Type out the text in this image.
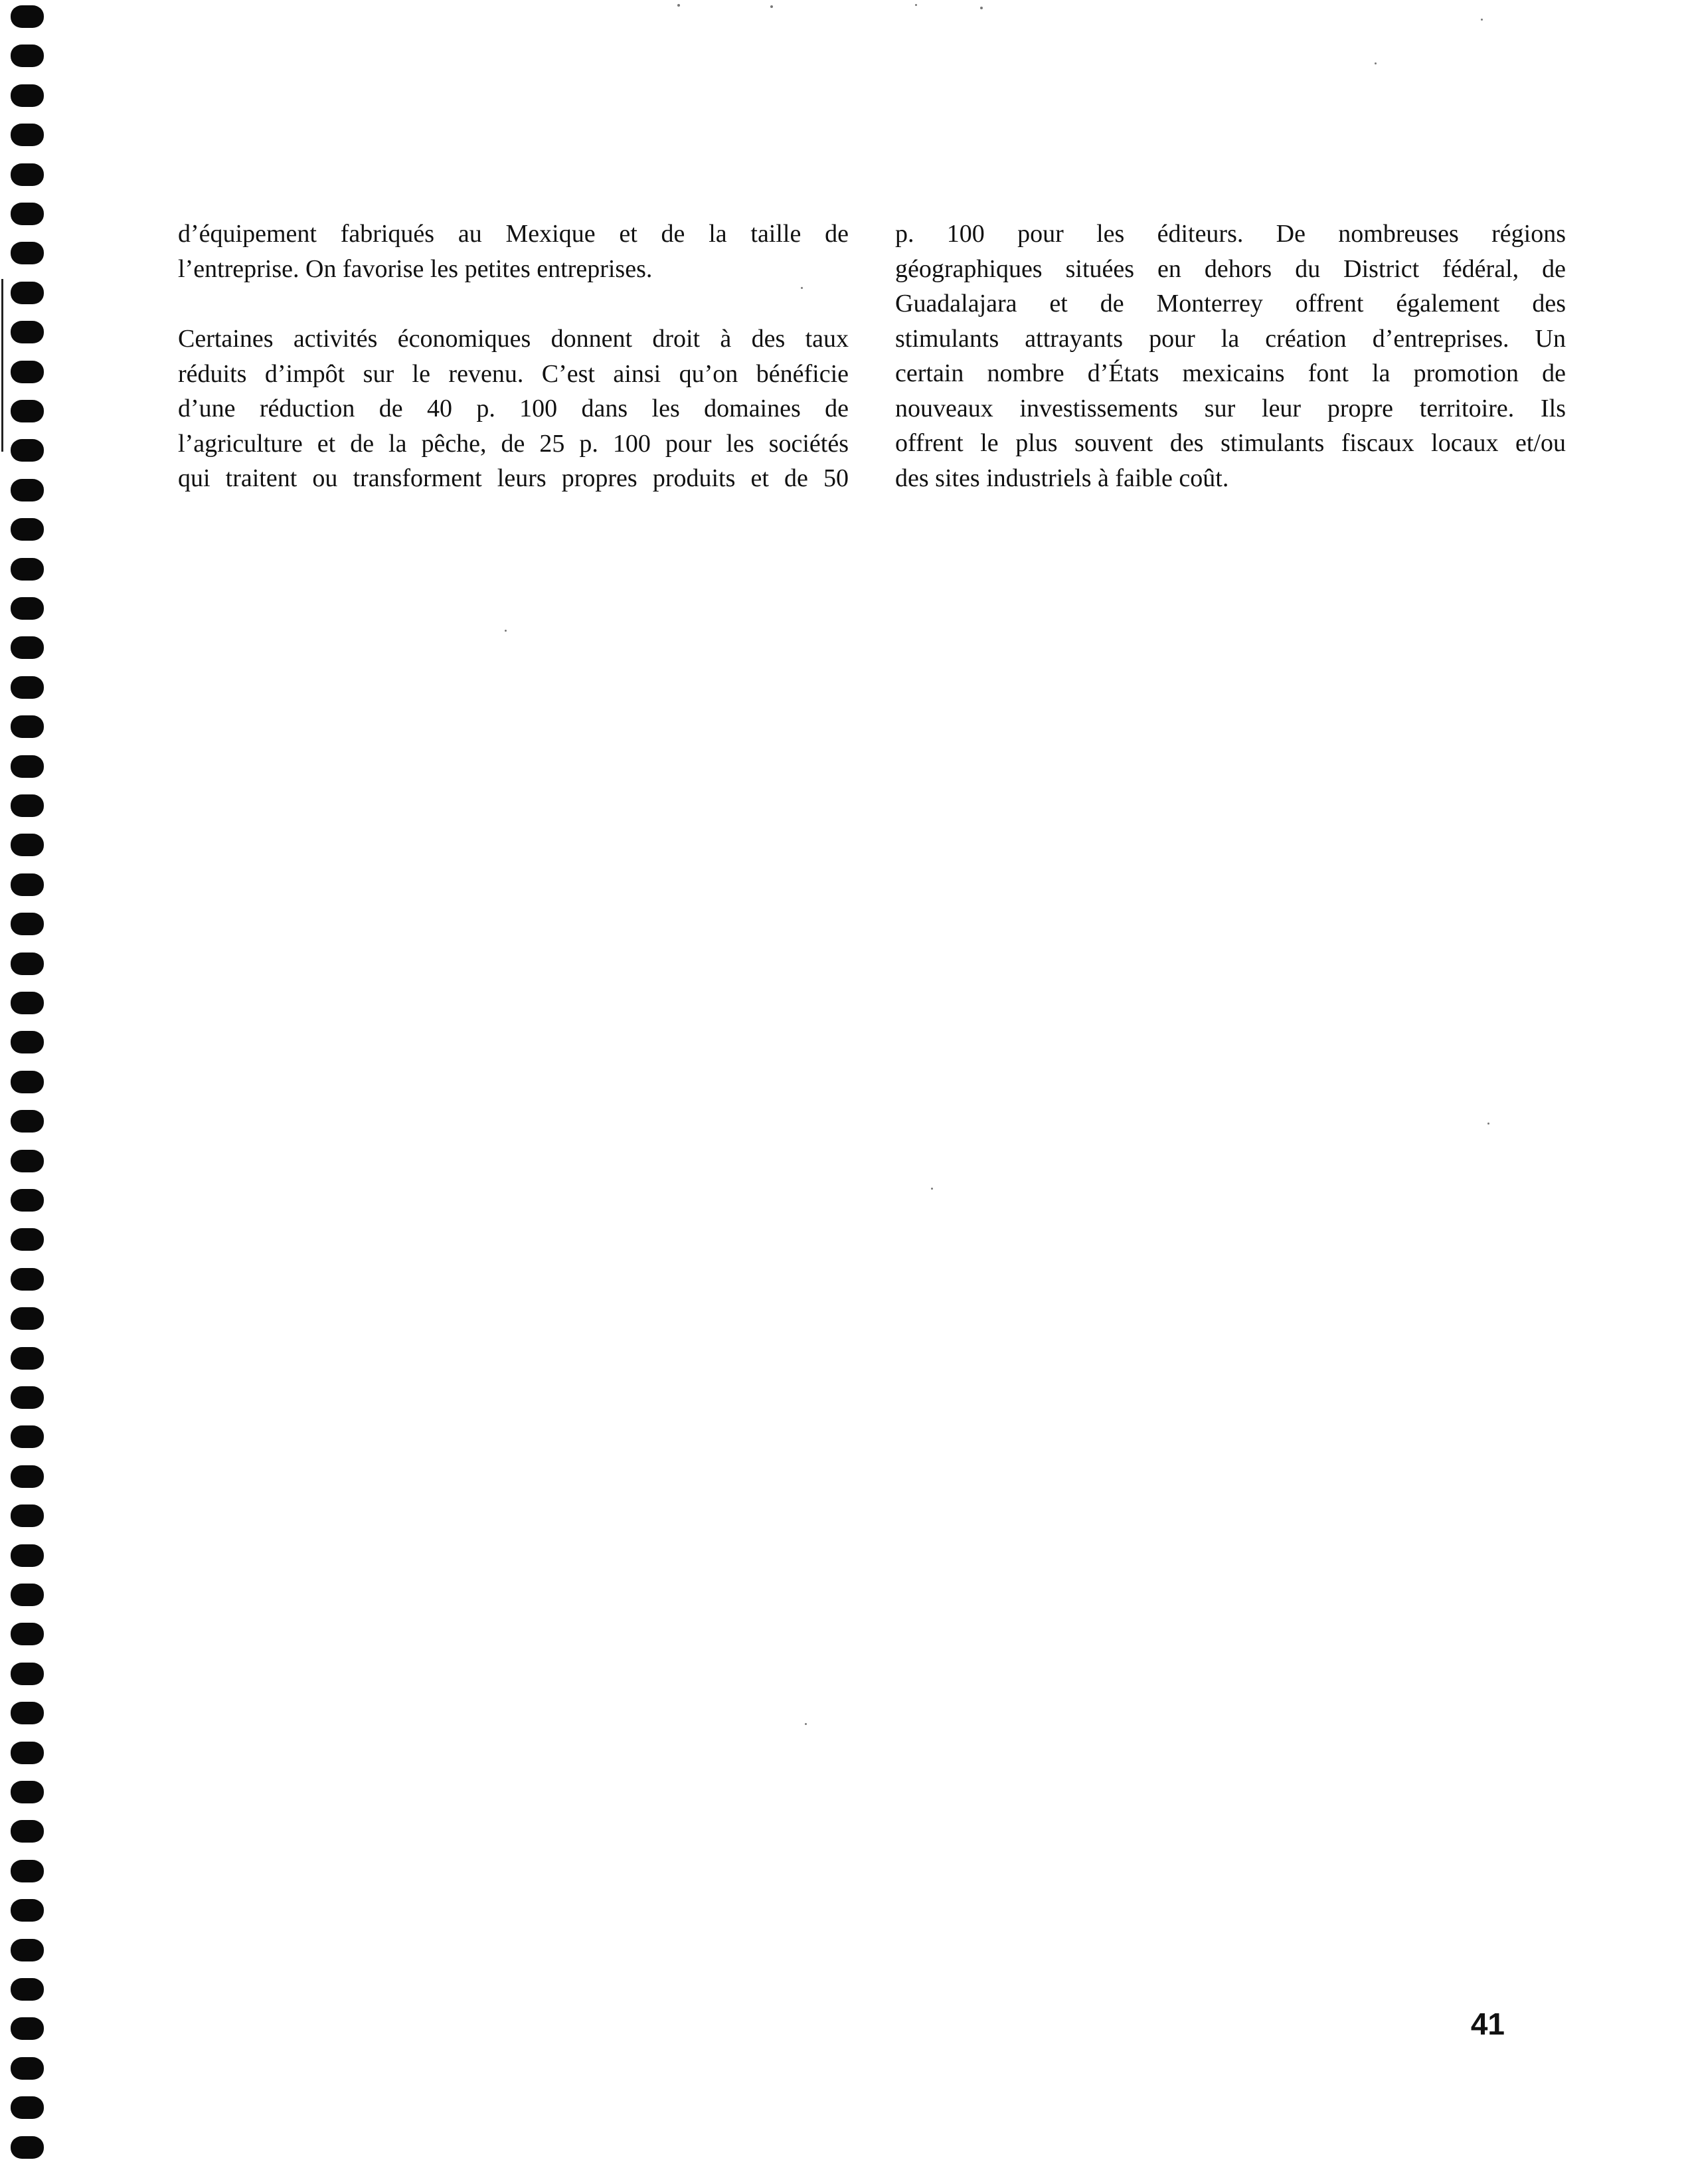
d’équipement fabriqués au Mexique et de la taille de
l’entreprise. On favorise les petites entreprises.

Certaines activités économiques donnent droit à des taux
réduits d’impôt sur le revenu. C’est ainsi qu’on bénéficie
d’une réduction de 40 p. 100 dans les domaines de
l’agriculture et de la pêche, de 25 p. 100 pour les sociétés
qui traitent ou transforment leurs propres produits et de 50

p. 100 pour les éditeurs. De nombreuses régions
géographiques situées en dehors du District fédéral, de
Guadalajara et de Monterrey offrent également des
stimulants attrayants pour la création d’entreprises. Un
certain nombre d’États mexicains font la promotion de
nouveaux investissements sur leur propre territoire. Ils
offrent le plus souvent des stimulants fiscaux locaux et/ou
des sites industriels à faible coût.

41
